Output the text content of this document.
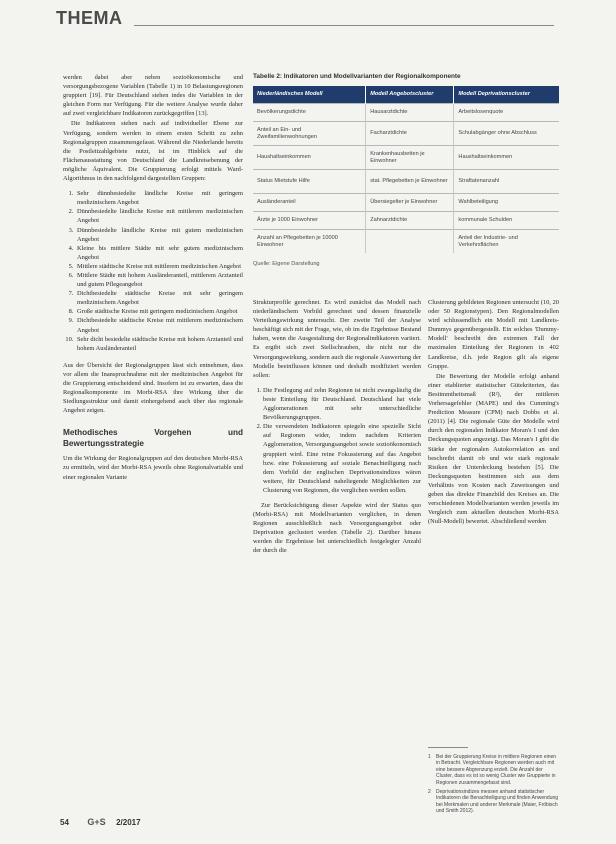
THEMA

werden dabei aber neben sozioökonomische und versorgungsbezogene Variablen (Tabelle 1) in 10 Belastungsregionen gruppiert [19]. Für Deutschland stehen indes die Variablen in der gleichen Form nur Verfügung. Für die weitere Analyse wurde daher auf zwei vergleichbare Indikatoren zurückgegriffen [13].

Die Indikatoren stehen nach auf individueller Ebene zur Verfügung, sondern werden in einem ersten Schritt zu zehn Regionalgruppen zusammengefasst. Während die Niederlande bereits die Postleitzahlgebiete nutzt, ist im Hinblick auf die Flächenausstattung von Deutschland die Landkreisebenung der mögliche Äquivalent. Die Gruppierung erfolgt mittels Ward-Algorithmus in den nachfolgend dargestellten Gruppen:

1. Sehr dünnbesiedelte ländliche Kreise mit geringem medizinischem Angebot
2. Dünnbesiedelte ländliche Kreise mit mittlerem medizinischen Angebot
3. Dünnbesiedelte ländliche Kreise mit gutem medizinischen Angebot
4. Kleine bis mittlere Städte mit sehr gutem medizinischem Angebot
5. Mittlere städtische Kreise mit mittlerem medizinischen Angebot
6. Mittlere Städte mit hohem Ausländeranteil, mittlerem Arztanteil und gutem Pflegeangebot
7. Dichtbesiedelte städtische Kreise mit sehr geringem medizinischem Angebot
8. Große städtische Kreise mit geringem medizinischem Angebot
9. Dichtbesiedelte städtische Kreise mit mittlerem medizinischem Angebot
10. Sehr dicht besiedelte städtische Kreise mit hohem Arztanteil und hohem Ausländeranteil

Aus der Übersicht der Regionalgruppen lässt sich entnehmen, dass vor allem die Inanspruchnahme mit der medizinischen Angebot für die Gruppierung entscheidend sind. Insofern ist zu erwarten, dass die Regionalkomponente im Morbi-RSA ihre Wirkung über die Siedlungsstruktur und damit einhergehend auch über das regionale Angebot zeigen.

Methodisches Vorgehen und Bewertungsstrategie

Um die Wirkung der Regionalgruppen auf den deutschen Morbi-RSA zu ermitteln, wird der Morbi-RSA jeweils ohne Regionalvariable und einer regionalen Variante

Tabelle 2: Indikatoren und Modellvarianten der Regionalkomponente
Niederländisches Modell	Modell Angebotscluster	Modell Deprivationscluster
Bevölkerungsdichte	Hausarztdichte	Arbeitslosenquote
Anteil an Ein- und Zweifamilienwohnungen	Facharztdichte	Schulabgänger ohne Abschluss
Haushaltseinkommen	Krankenhausbetten je Einwohner	Haushaltseinkommen
Status Mietstufe Hilfe	stat. Pflegebetten je Einwohner	Straftatenanzahl
Ausländeranteil	Übersiegelter je Einwohner	Wahlbeteiligung
Ärzte je 1000 Einwohner	Zahnarztdichte	kommunale Schulden
Anzahl an Pflegebetten je 10000 Einwohner		Anteil der Industrie- und Verkehrsflächen
Quelle: Eigene Darstellung

Strukturprofile gerechnet. Es wird zunächst das Modell nach niederländischem Vorbild gerechnet und dessen finanzielle Verteilungswirkung untersucht. Der zweite Teil der Analyse beschäftigt sich mit der Frage, wie, ob im die Ergebnisse Bestand haben, wenn die Ausgestaltung der Regionalindikatoren variiert. Es ergibt sich zwei Stellschrauben, die nicht nur die Versorgungswirkung, sondern auch die regionale Auswertung der Modelle beeinflussen können und deshalb modifiziert werden sollen:

1. Die Festlegung auf zehn Regionen ist nicht zwangsläufig die beste Einteilung für Deutschland. Deutschland hat viele Agglomerationen mit sehr unterschiedliche Bevölkerungsgruppen.
2. Die verwendeten Indikatoren spiegeln eine spezielle Sicht auf Regionen wider, indem nachdem Kriterien Agglomeration, Versorgungsangebot sowie sozioökonomisch gruppiert wird. Eine reine Fokussierung auf das Angebot bzw. eine Fokussierung auf soziale Benachteiligung nach dem Vorbild der englischen Deprivationsindizes wären weitere, für Deutschland naheliegende Möglichkeiten zur Clusterung von Regionen, die verglichen werden sollen.

Zur Berücksichtigung dieser Aspekte wird der Status quo (Morbi-RSA) mit Modellvarianten verglichen, in denen Regionen ausschließlich nach Versorgungsangebot oder Deprivation geclustert werden (Tabelle 2). Darüber hinaus werden die Ergebnisse bei unterschiedlich festgelegter Anzahl der durch die

Clusterung gebildeten Regionen untersucht (10, 20 oder 50 Regionstypen). Den Regionalmodellen wird schlussendlich ein Modell mit Landkreis-Dummys gegenübergestellt. Ein solches 'Dummy-Modell' beschreibt den extremen Fall der maximalen Einteilung der Regionen in 402 Landkreise, d.h. jede Region gilt als eigene Gruppe.

Die Bewertung der Modelle erfolgt anhand einer etablierter statistischer Gütekriterien, das Bestimmtheitsmaß (R²), der mittleren Vorhersagefehler (MAPE) und des Cumming's Prediction Measure (CPM) nach Dobbs et al. (2011) [4]. Die regionale Güte der Modelle wird durch den regionalen Indikator Moran's I und den Deckungsquoten angezeigt. Das Moran's I gibt die Stärke der regionalen Autokorrelation an und beschreibt damit ob und wie stark regionale Risiken der Unterdeckung bestehen [5]. Die Deckungsquoten bestimmen sich aus dem Verhältnis von Kosten nach Zuweisungen und geben das direkte Finanzbild des Kreises an. Die verschiedenen Modellvarianten werden jeweils im Vergleich zum aktuellen deutschen Morbi-RSA (Null-Modell) bewertet. Abschließend werden

1	Bei der Gruppierung Kreise in mittlere Regionen einen in Betracht. Vergleichbare Regionen werden auch mit eine bessere Abgrenzung erzielt. Die Anzahl der Cluster, dass es ist so wenig Cluster wie Gruppierte in Regionen zusammengefasst sind.
2	Deprivationsindizes messen anhand statistischer Indikatoren die Benachteiligung und finden Anwendung bei Merkmalen und anderer Merkmale (Maier, Fröbisch und Smith 2012).
54 G+S 2/2017
